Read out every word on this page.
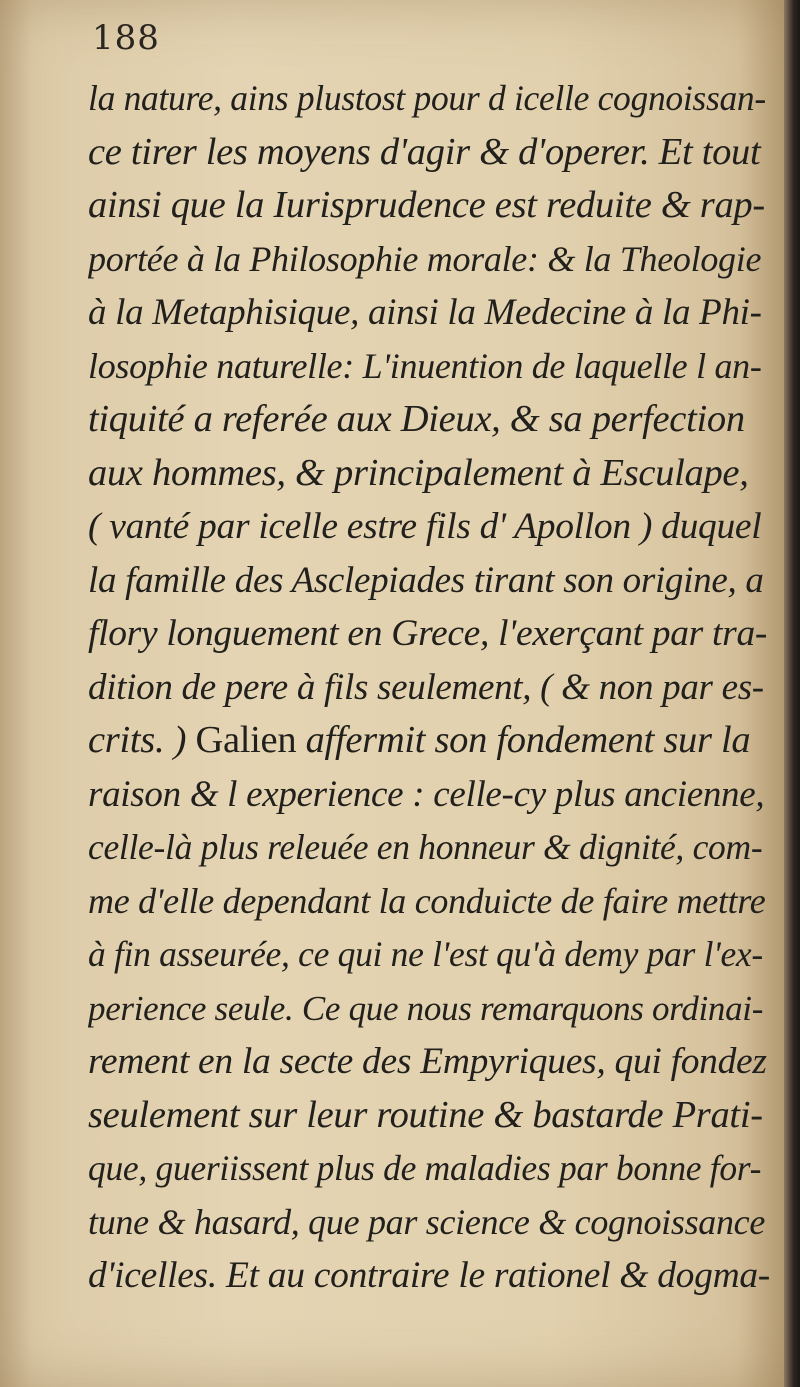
188
la nature, ains plustost pour d icelle cognoissan-
ce tirer les moyens d'agir & d'operer. Et tout
ainsi que la Iurisprudence est reduite & rap-
portée à la Philosophie morale: & la Theologie
à la Metaphisique, ainsi la Medecine à la Phi-
losophie naturelle: L'inuention de laquelle l an-
tiquité a referée aux Dieux, & sa perfection
aux hommes, & principalement à Esculape,
( vanté par icelle estre fils d' Apollon ) duquel
la famille des Asclepiades tirant son origine, a
flory longuement en Grece, l'exerçant par tra-
dition de pere à fils seulement, ( & non par es-
crits. ) Galien affermit son fondement sur la
raison & l experience : celle-cy plus ancienne,
celle-là plus releuée en honneur & dignité, com-
me d'elle dependant la conduicte de faire mettre
à fin asseurée, ce qui ne l'est qu'à demy par l'ex-
perience seule. Ce que nous remarquons ordinai-
rement en la secte des Empyriques, qui fondez
seulement sur leur routine & bastarde Prati-
que, gueriissent plus de maladies par bonne for-
tune & hasard, que par science & cognoissance
d'icelles. Et au contraire le rationel & dogma-
